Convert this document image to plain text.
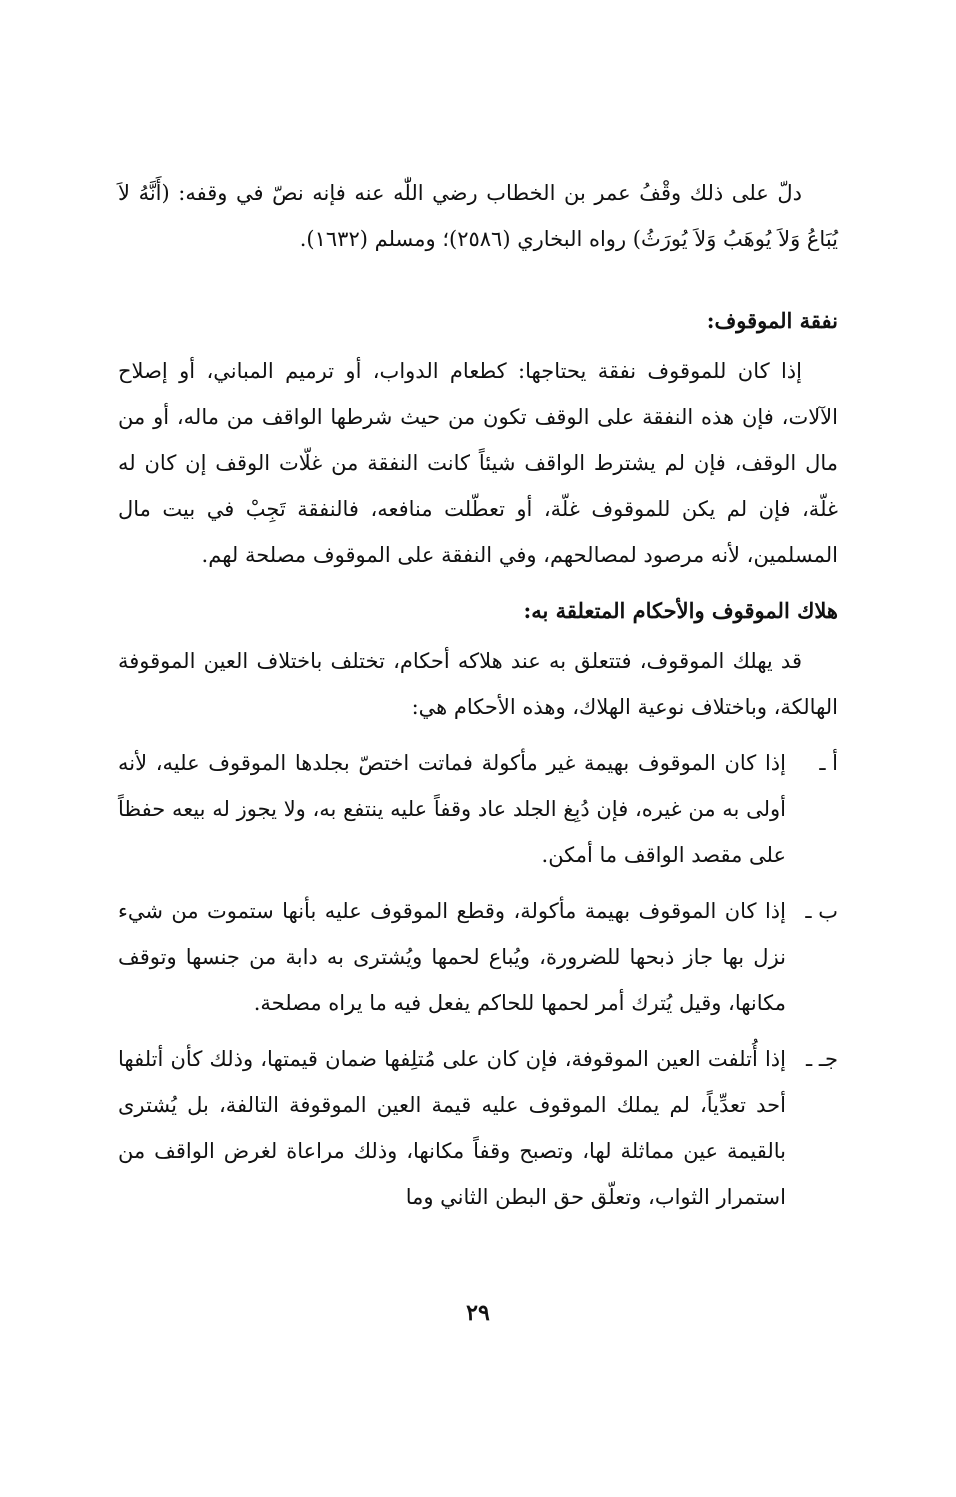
دلّ على ذلك وقْفُ عمر بن الخطاب رضي اللّٰه عنه فإنه نصّ في وقفه: (أَنَّهُ لاَ يُبَاعُ وَلاَ يُوهَبُ وَلاَ يُورَثُ) رواه البخاري (٢٥٨٦)؛ ومسلم (١٦٣٢).

نفقة الموقوف:

إذا كان للموقوف نفقة يحتاجها: كطعام الدواب، أو ترميم المباني، أو إصلاح الآلات، فإن هذه النفقة على الوقف تكون من حيث شرطها الواقف من ماله، أو من مال الوقف، فإن لم يشترط الواقف شيئاً كانت النفقة من غلّات الوقف إن كان له غلّة، فإن لم يكن للموقوف غلّة، أو تعطّلت منافعه، فالنفقة تَجِبْ في بيت مال المسلمين، لأنه مرصود لمصالحهم، وفي النفقة على الموقوف مصلحة لهم.

هلاك الموقوف والأحكام المتعلقة به:

قد يهلك الموقوف، فتتعلق به عند هلاكه أحكام، تختلف باختلاف العين الموقوفة الهالكة، وباختلاف نوعية الهلاك، وهذه الأحكام هي:

أ ـ
إذا كان الموقوف بهيمة غير مأكولة فماتت اختصّ بجلدها الموقوف عليه، لأنه أولى به من غيره، فإن دُبِغ الجلد عاد وقفاً عليه ينتفع به، ولا يجوز له بيعه حفظاً على مقصد الواقف ما أمكن.
ب ـ
إذا كان الموقوف بهيمة مأكولة، وقطع الموقوف عليه بأنها ستموت من شيء نزل بها جاز ذبحها للضرورة، ويُباع لحمها ويُشترى به دابة من جنسها وتوقف مكانها، وقيل يُترك أمر لحمها للحاكم يفعل فيه ما يراه مصلحة.
جـ ـ
إذا أُتلفت العين الموقوفة، فإن كان على مُتلِفها ضمان قيمتها، وذلك كأن أتلفها أحد تعدِّياً، لم يملك الموقوف عليه قيمة العين الموقوفة التالفة، بل يُشترى بالقيمة عين مماثلة لها، وتصبح وقفاً مكانها، وذلك مراعاة لغرض الواقف من استمرار الثواب، وتعلّق حق البطن الثاني وما
٢٩
